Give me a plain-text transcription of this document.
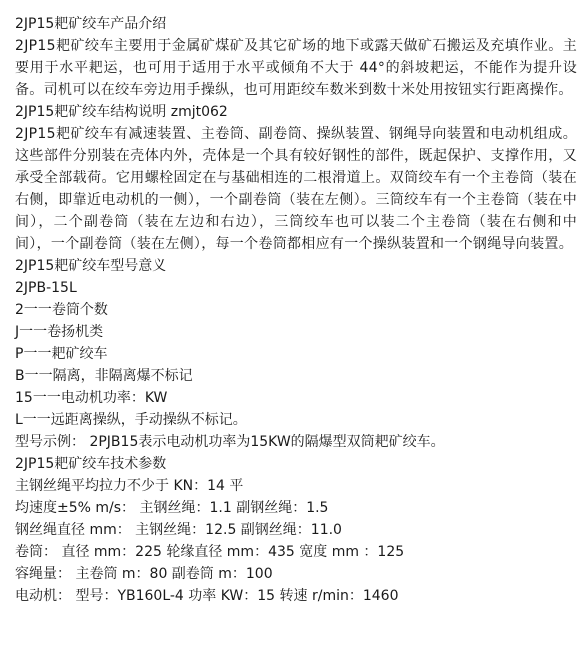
2JP15耙矿绞车产品介绍
2JP15耙矿绞车主要用于金属矿煤矿及其它矿场的地下或露天做矿石搬运及充填作业。主要用于水平耙运，也可用于适用于水平或倾角不大于 44°的斜坡耙运，不能作为提升设备。司机可以在绞车旁边用手操纵，也可用距绞车数米到数十米处用按钮实行距离操作。
2JP15耙矿绞车结构说明 zmjt062
2JP15耙矿绞车有减速装置、主卷筒、副卷筒、操纵装置、钢绳导向装置和电动机组成。这些部件分别装在壳体内外，壳体是一个具有较好钢性的部件，既起保护、支撑作用，又承受全部载荷。它用螺栓固定在与基础相连的二根滑道上。双筒绞车有一个主卷筒（装在右侧，即靠近电动机的一侧），一个副卷筒（装在左侧）。三筒绞车有一个主卷筒（装在中间），二个副卷筒（装在左边和右边），三筒绞车也可以装二个主卷筒（装在右侧和中间），一个副卷筒（装在左侧），每一个卷筒都相应有一个操纵装置和一个钢绳导向装置。
2JP15耙矿绞车型号意义
2JPB-15L
2一一卷筒个数
J一一卷扬机类
P一一耙矿绞车
B一一隔离，非隔离爆不标记
15一一电动机功率：KW
L一一远距离操纵，手动操纵不标记。
型号示例： 2PJB15表示电动机功率为15KW的隔爆型双筒耙矿绞车。
2JP15耙矿绞车技术参数
主钢丝绳平均拉力不少于 KN：14 平
均速度±5% m/s： 主钢丝绳：1.1 副钢丝绳：1.5
钢丝绳直径 mm： 主钢丝绳：12.5 副钢丝绳：11.0
卷筒： 直径 mm：225 轮缘直径 mm：435 宽度 mm ：125
容绳量： 主卷筒 m：80 副卷筒 m：100
电动机： 型号：YB160L-4 功率 KW：15 转速 r/min：1460
